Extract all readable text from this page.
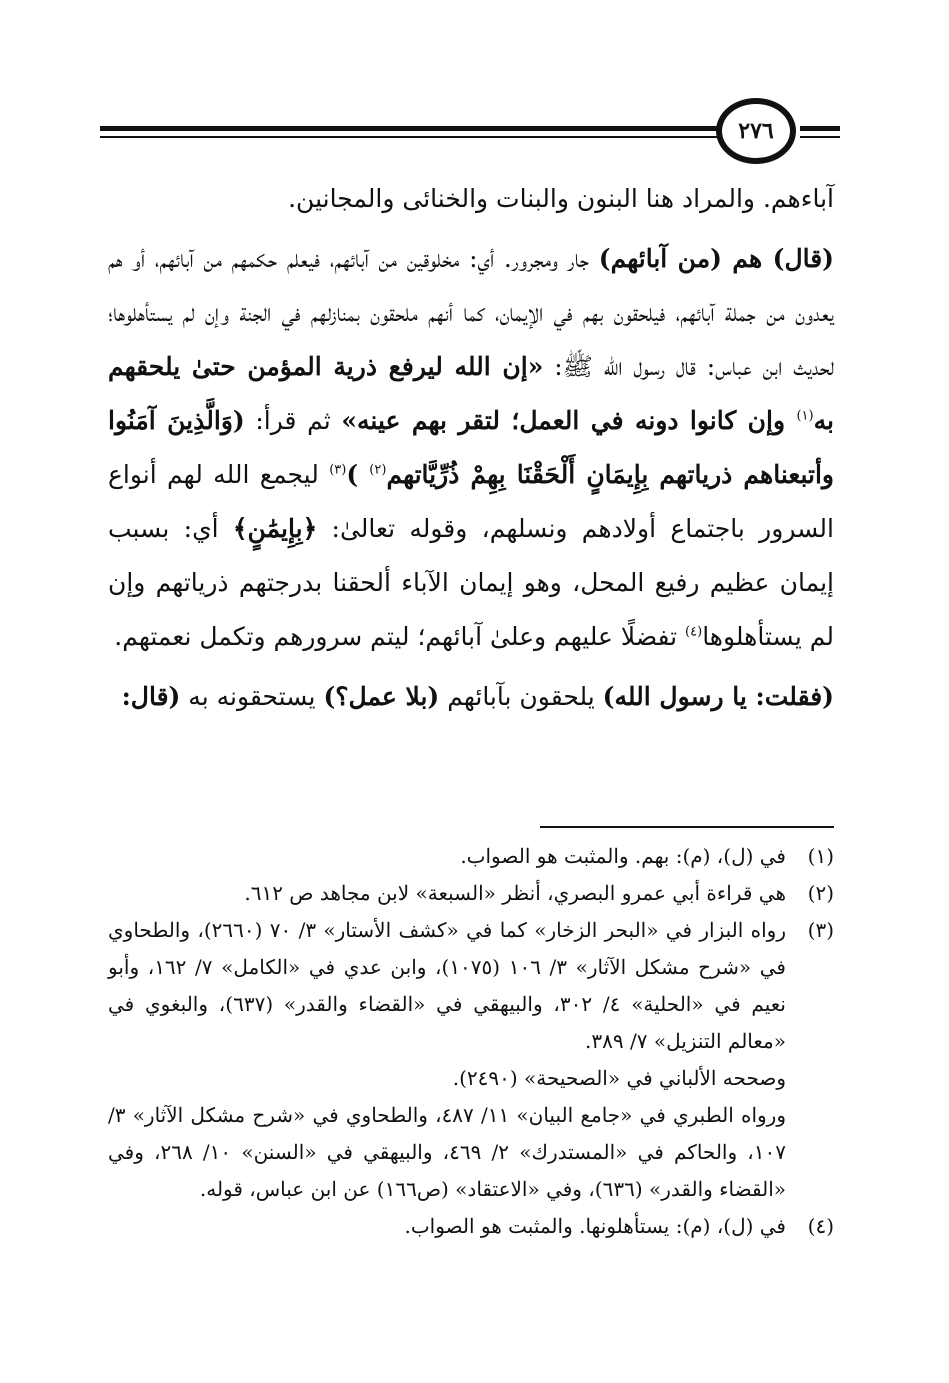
٢٧٦

آباءهم. والمراد هنا البنون والبنات والخنائى والمجانين.

(قال) هم (من آبائهم) جار ومجرور. أي: مخلوقين من آبائهم، فيعلم حكمهم من آبائهم، أو هم يعدون من جملة آبائهم، فيلحقون بهم في الإيمان، كما أنهم ملحقون بمنازلهم في الجنة وإن لم يستأهلوها؛ لحديث ابن عباس: قال رسول الله ﷺ: «إن الله ليرفع ذرية المؤمن حتىٰ يلحقهم به$^{(١)}$ وإن كانوا دونه في العمل؛ لتقر بهم عينه» ثم قرأ: (وَالَّذِينَ آمَنُوا وأتبعناهم ذرياتهم بِإِيمَانٍ أَلْحَقْنَا بِهِمْ ذُرِّيَّاتهم$^{(٢)}$ )$^{(٣)}$ ليجمع الله لهم أنواع السرور باجتماع أولادهم ونسلهم، وقوله تعالىٰ: ﴿بِإِيمَٰنٍ﴾ أي: بسبب إيمان عظيم رفيع المحل، وهو إيمان الآباء ألحقنا بدرجتهم ذرياتهم وإن لم يستأهلوها$^{(٤)}$ تفضلًا عليهم وعلىٰ آبائهم؛ ليتم سرورهم وتكمل نعمتهم.

(فقلت: يا رسول الله) يلحقون بآبائهم (بلا عمل؟) يستحقونه به (قال:

(١)
في (ل)، (م): بهم. والمثبت هو الصواب.
(٢)
هي قراءة أبي عمرو البصري، أنظر «السبعة» لابن مجاهد ص ٦١٢.
(٣)
رواه البزار في «البحر الزخار» كما في «كشف الأستار» ٣/ ٧٠ (٢٦٦٠)، والطحاوي في «شرح مشكل الآثار» ٣/ ١٠٦ (١٠٧٥)، وابن عدي في «الكامل» ٧/ ١٦٢، وأبو نعيم في «الحلية» ٤/ ٣٠٢، والبيهقي في «القضاء والقدر» (٦٣٧)، والبغوي في «معالم التنزيل» ٧/ ٣٨٩.
وصححه الألباني في «الصحيحة» (٢٤٩٠).
ورواه الطبري في «جامع البيان» ١١/ ٤٨٧، والطحاوي في «شرح مشكل الآثار» ٣/ ١٠٧، والحاكم في «المستدرك» ٢/ ٤٦٩، والبيهقي في «السنن» ١٠/ ٢٦٨، وفي «القضاء والقدر» (٦٣٦)، وفي «الاعتقاد» (ص١٦٦) عن ابن عباس، قوله.
(٤)
في (ل)، (م): يستأهلونها. والمثبت هو الصواب.
